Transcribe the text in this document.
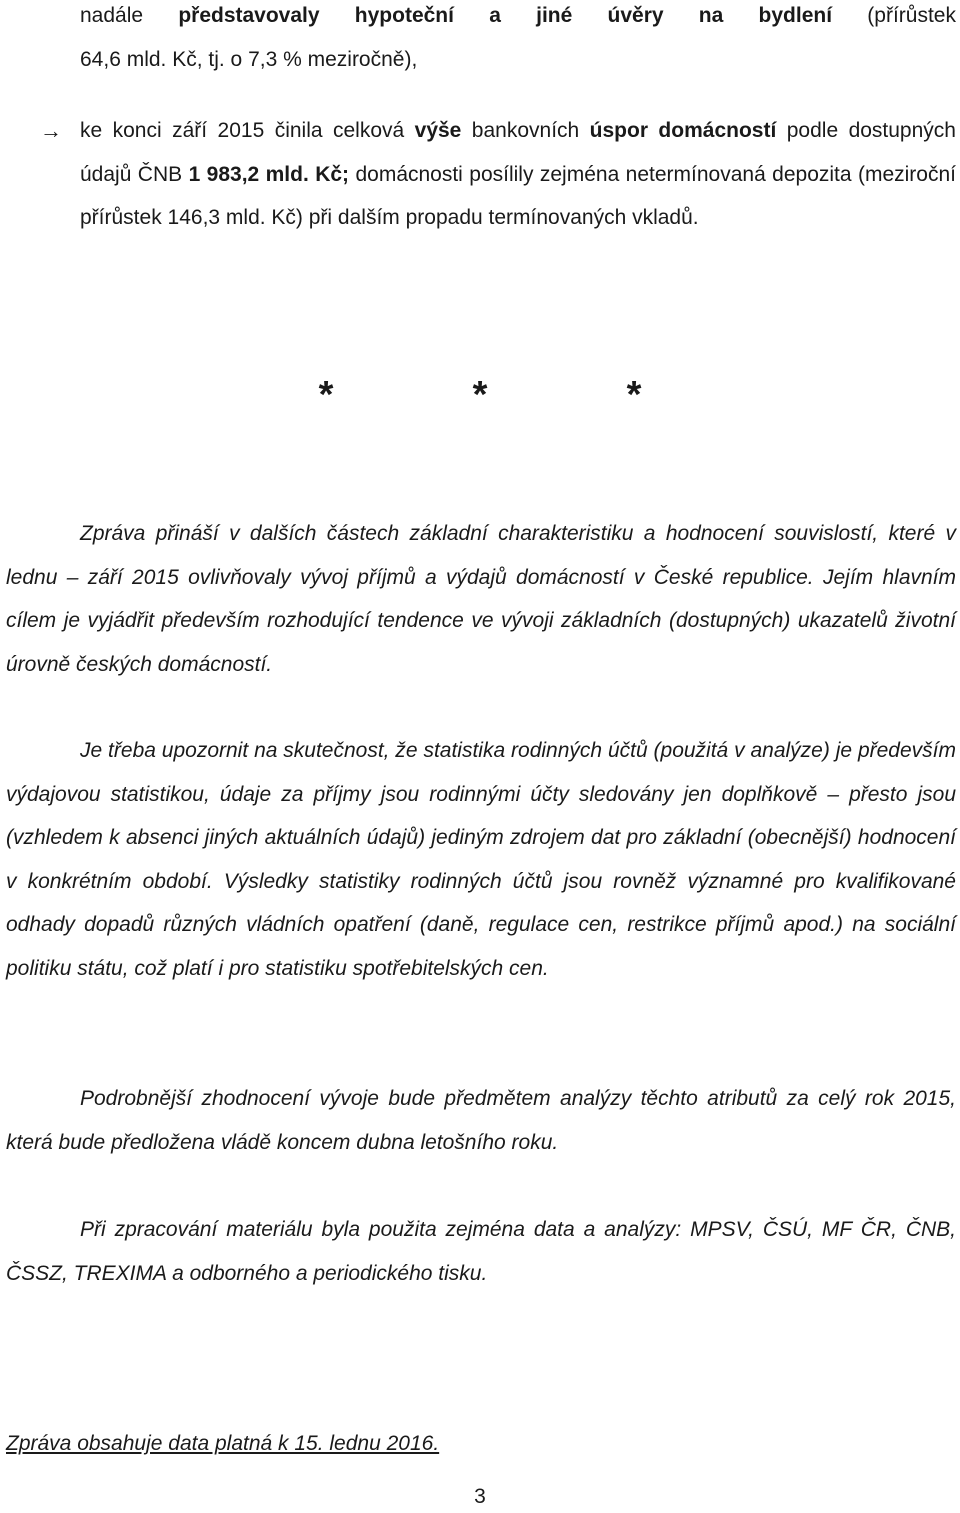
nadále představovaly hypoteční a jiné úvěry na bydlení (přírůstek

64,6 mld. Kč, tj. o 7,3 % meziročně),

→ ke konci září 2015 činila celková výše bankovních úspor domácností podle dostupných údajů ČNB 1 983,2 mld. Kč; domácnosti posílily zejména netermínovaná depozita (meziroční přírůstek 146,3 mld. Kč) při dalším propadu termínovaných vkladů.

*	*	*

Zpráva přináší v dalších částech základní charakteristiku a hodnocení souvislostí, které v lednu – září 2015 ovlivňovaly vývoj příjmů a výdajů domácností v České republice. Jejím hlavním cílem je vyjádřit především rozhodující tendence ve vývoji základních (dostupných) ukazatelů životní úrovně českých domácností.

Je třeba upozornit na skutečnost, že statistika rodinných účtů (použitá v analýze) je především výdajovou statistikou, údaje za příjmy jsou rodinnými účty sledovány jen doplňkově – přesto jsou (vzhledem k absenci jiných aktuálních údajů) jediným zdrojem dat pro základní (obecnější) hodnocení v konkrétním období. Výsledky statistiky rodinných účtů jsou rovněž významné pro kvalifikované odhady dopadů různých vládních opatření (daně, regulace cen, restrikce příjmů apod.) na sociální politiku státu, což platí i pro statistiku spotřebitelských cen.

Podrobnější zhodnocení vývoje bude předmětem analýzy těchto atributů za celý rok 2015, která bude předložena vládě koncem dubna letošního roku.

Při zpracování materiálu byla použita zejména data a analýzy: MPSV, ČSÚ, MF ČR, ČNB, ČSSZ, TREXIMA a odborného a periodického tisku.

Zpráva obsahuje data platná k 15. lednu 2016.
3
